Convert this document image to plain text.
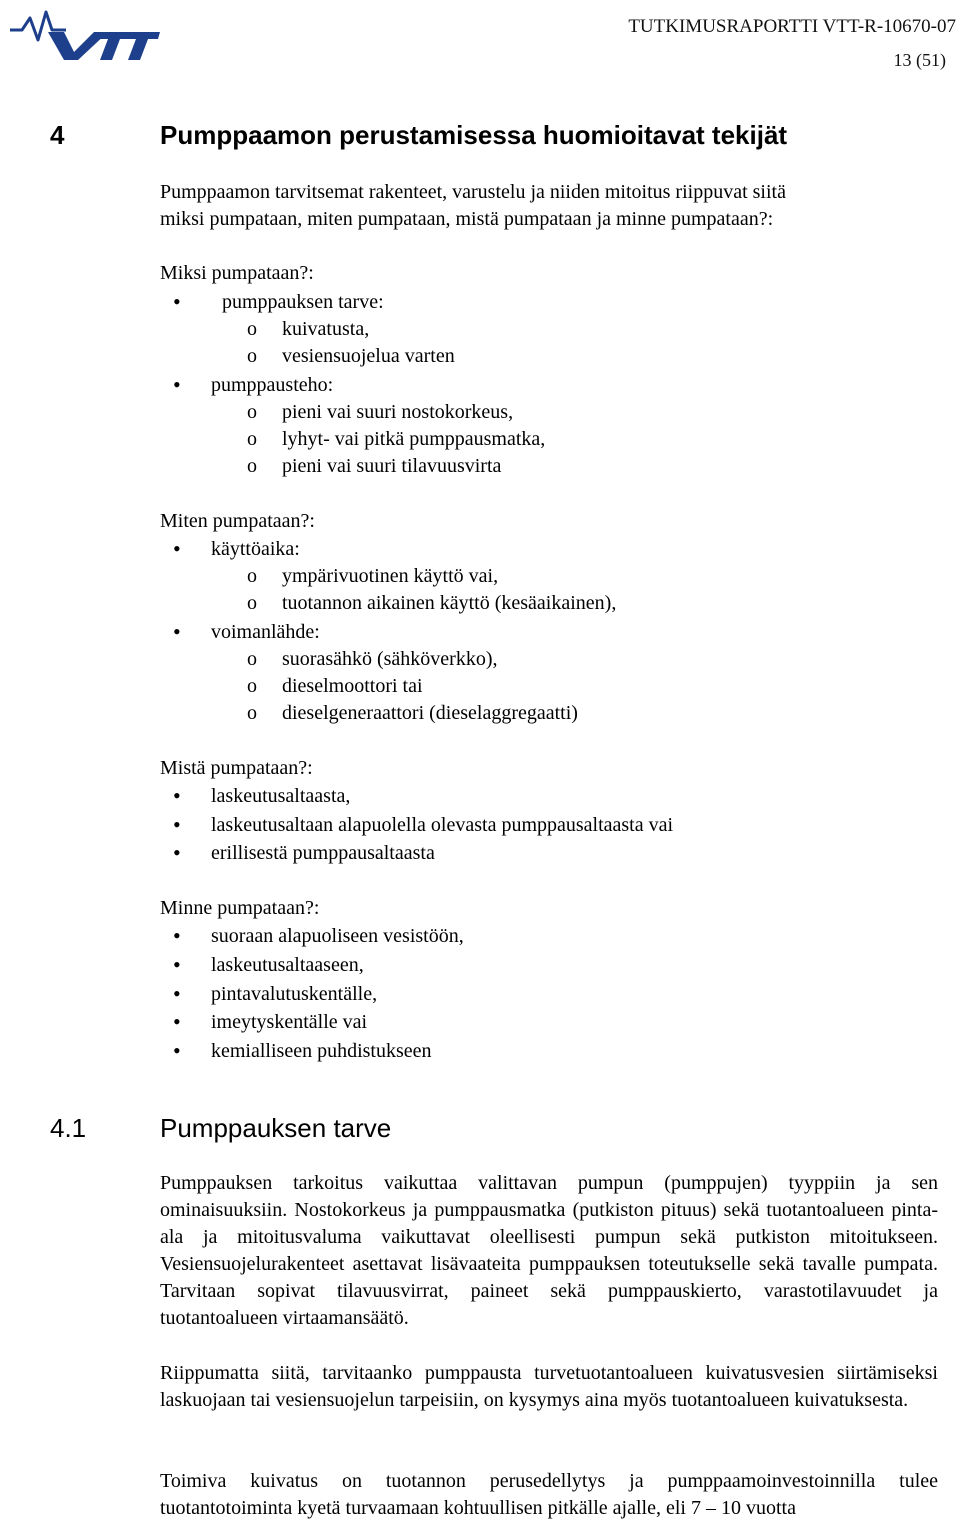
TUTKIMUSRAPORTTI VTT-R-10670-07
13 (51)
4	Pumppaamon perustamisessa huomioitavat tekijät
Pumppaamon tarvitsemat rakenteet, varustelu ja niiden mitoitus riippuvat siitä
miksi pumpataan, miten pumpataan, mistä pumpataan ja minne pumpataan?:
Miksi pumpataan?:
• pumppauksen tarve:
o kuivatusta,
o vesiensuojelua varten
• pumppausteho:
o pieni vai suuri nostokorkeus,
o lyhyt- vai pitkä pumppausmatka,
o pieni vai suuri tilavuusvirta
Miten pumpataan?:
• käyttöaika:
o ympärivuotinen käyttö vai,
o tuotannon aikainen käyttö (kesäaikainen),
• voimanlähde:
o suorasähkö (sähköverkko),
o dieselmoottori tai
o dieselgeneraattori (dieselaggregaatti)
Mistä pumpataan?:
• laskeutusaltaasta,
• laskeutusaltaan alapuolella olevasta pumppausaltaasta vai
• erillisestä pumppausaltaasta
Minne pumpataan?:
• suoraan alapuoliseen vesistöön,
• laskeutusaltaaseen,
• pintavalutuskentälle,
• imeytyskentälle vai
• kemialliseen puhdistukseen
4.1	Pumppauksen tarve
Pumppauksen tarkoitus vaikuttaa valittavan pumpun (pumppujen) tyyppiin ja sen ominaisuuksiin. Nostokorkeus ja pumppausmatka (putkiston pituus) sekä tuotantoalueen pinta-ala ja mitoitusvaluma vaikuttavat oleellisesti pumpun sekä putkiston mitoitukseen. Vesiensuojelurakenteet asettavat lisävaateita pumppauksen toteutukselle sekä tavalle pumpata. Tarvitaan sopivat tilavuusvirrat, paineet sekä pumppauskierto, varastotilavuudet ja tuotantoalueen virtaamansäätö.
Riippumatta siitä, tarvitaanko pumppausta turvetuotantoalueen kuivatusvesien siirtämiseksi laskuojaan tai vesiensuojelun tarpeisiin, on kysymys aina myös tuotantoalueen kuivatuksesta.
Toimiva kuivatus on tuotannon perusedellytys ja pumppaamoinvestoinnilla tulee tuotantotoiminta kyetä turvaamaan kohtuullisen pitkälle ajalle, eli 7 – 10 vuotta
